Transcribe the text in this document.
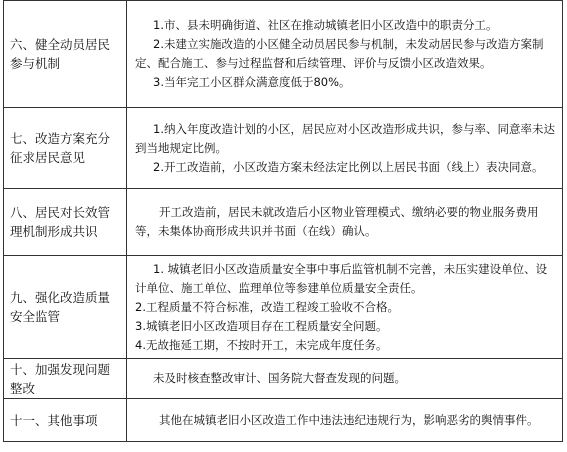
六、健全动员居民参与机制	1.市、县未明确街道、社区在推动城镇老旧小区改造中的职责分工。
2.未建立实施改造的小区健全动员居民参与机制，未发动居民参与改造方案制定、配合施工、参与过程监督和后续管理、评价与反馈小区改造效果。
3.当年完工小区群众满意度低于80%。

七、改造方案充分征求居民意见	1.纳入年度改造计划的小区，居民应对小区改造形成共识，参与率、同意率未达到当地规定比例。
2.开工改造前，小区改造方案未经法定比例以上居民书面（线上）表决同意。

八、居民对长效管理机制形成共识	开工改造前，居民未就改造后小区物业管理模式、缴纳必要的物业服务费用等，未集体协商形成共识并书面（在线）确认。

九、强化改造质量安全监管	1. 城镇老旧小区改造质量安全事中事后监管机制不完善，未压实建设单位、设计单位、施工单位、监理单位等参建单位质量安全责任。
2.工程质量不符合标准，改造工程竣工验收不合格。
3.城镇老旧小区改造项目存在工程质量安全问题。
4.无故拖延工期，不按时开工，未完成年度任务。

十、加强发现问题整改	未及时核查整改审计、国务院大督查发现的问题。

十一、其他事项	其他在城镇老旧小区改造工作中违法违纪违规行为，影响恶劣的舆情事件。
